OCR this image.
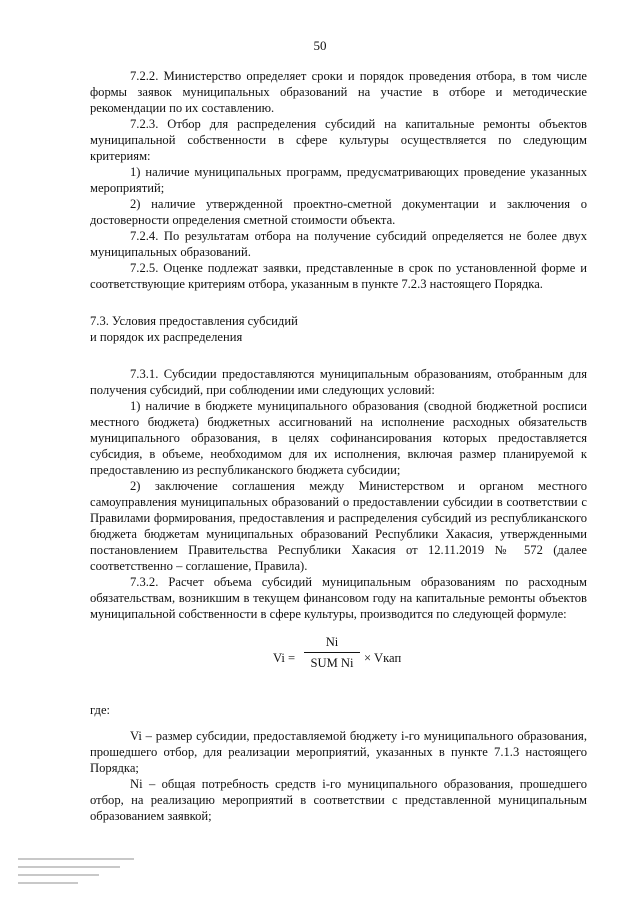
50

7.2.2. Министерство определяет сроки и порядок проведения отбора, в том числе формы заявок муниципальных образований на участие в отборе и методические рекомендации по их составлению.

7.2.3. Отбор для распределения субсидий на капитальные ремонты объектов муниципальной собственности в сфере культуры осуществляется по следующим критериям:

1) наличие муниципальных программ, предусматривающих проведение указанных мероприятий;

2) наличие утвержденной проектно-сметной документации и заключения о достоверности определения сметной стоимости объекта.

7.2.4. По результатам отбора на получение субсидий определяется не более двух муниципальных образований.

7.2.5. Оценке подлежат заявки, представленные в срок по установленной форме и соответствующие критериям отбора, указанным в пункте 7.2.3 настоящего Порядка.

7.3. Условия предоставления субсидий

и порядок их распределения

7.3.1. Субсидии предоставляются муниципальным образованиям, отобранным для получения субсидий, при соблюдении ими следующих условий:

1) наличие в бюджете муниципального образования (сводной бюджетной росписи местного бюджета) бюджетных ассигнований на исполнение расходных обязательств муниципального образования, в целях софинансирования которых предоставляется субсидия, в объеме, необходимом для их исполнения, включая размер планируемой к предоставлению из республиканского бюджета субсидии;

2) заключение соглашения между Министерством и органом местного самоуправления муниципальных образований о предоставлении субсидии в соответствии с Правилами формирования, предоставления и распределения субсидий из республиканского бюджета бюджетам муниципальных образований Республики Хакасия, утвержденными постановлением Правительства Республики Хакасия от 12.11.2019 № 572 (далее соответственно – соглашение, Правила).

7.3.2. Расчет объема субсидий муниципальным образованиям по расходным обязательствам, возникшим в текущем финансовом году на капитальные ремонты объектов муниципальной собственности в сфере культуры, производится по следующей формуле:

Vi =
Ni
SUM Ni × Vкап

где:

Vi – размер субсидии, предоставляемой бюджету i-го муниципального образования, прошедшего отбор, для реализации мероприятий, указанных в пункте 7.1.3 настоящего Порядка;

Ni – общая потребность средств i-го муниципального образования, прошедшего отбор, на реализацию мероприятий в соответствии с представленной муниципальным образованием заявкой;
